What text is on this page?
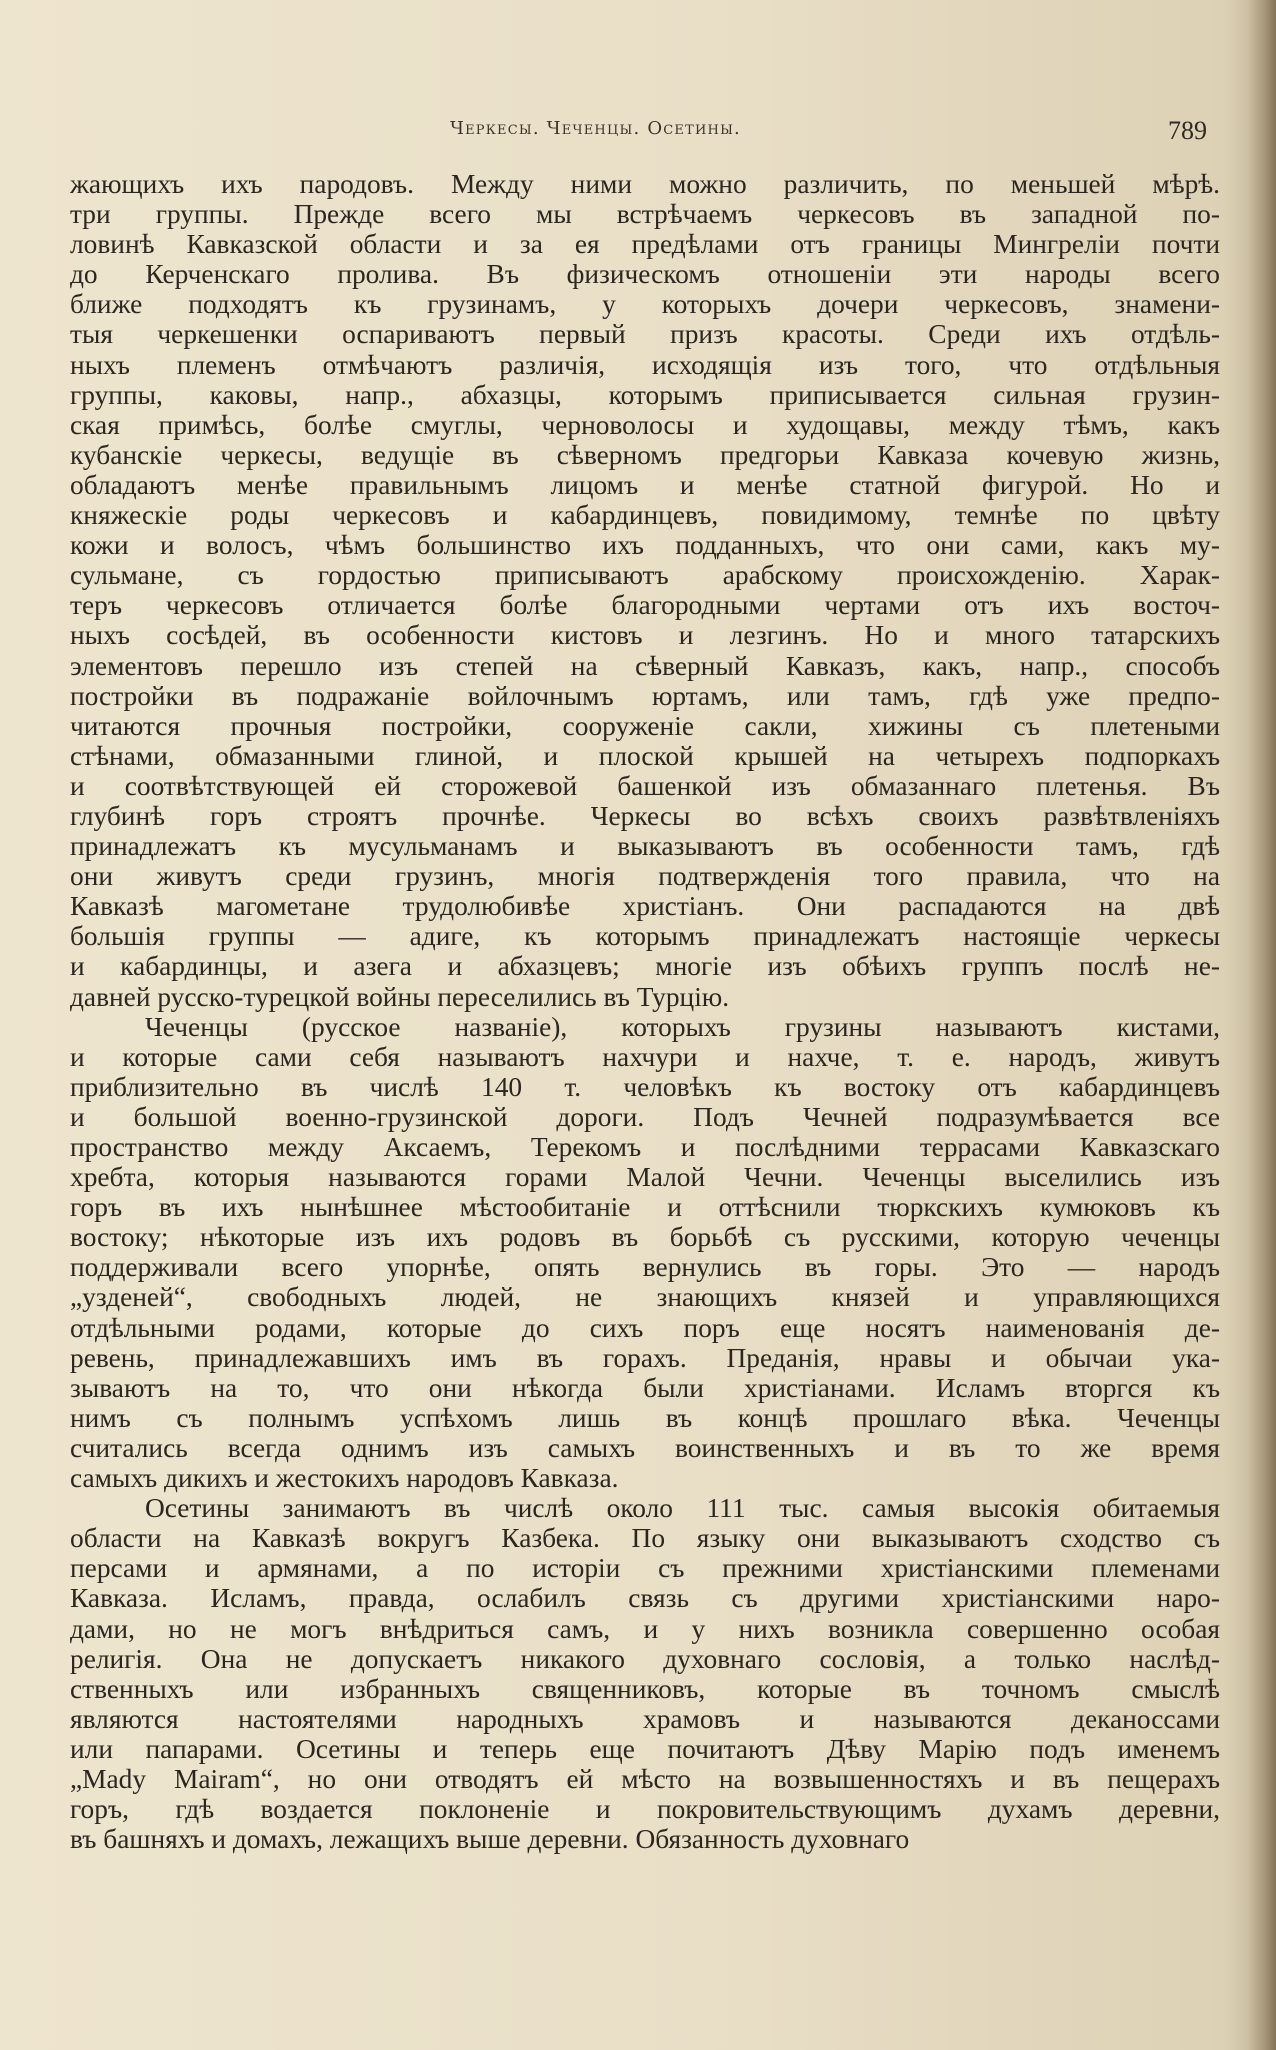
Черкесы. Чеченцы. Осетины.	789
жающихъ ихъ пародовъ. Между ними можно различить, по меньшей мѣрѣ.
три группы. Прежде всего мы встрѣчаемъ черкесовъ въ западной по-
ловинѣ Кавказской области и за ея предѣлами отъ границы Мингрелiи почти
до Керченскаго пролива. Въ физическомъ отношенiи эти народы всего
ближе подходятъ къ грузинамъ, у которыхъ дочери черкесовъ, знамени-
тыя черкешенки оспариваютъ первый призъ красоты. Среди ихъ отдѣль-
ныхъ племенъ отмѣчаютъ различiя, исходящiя изъ того, что отдѣльныя
группы, каковы, напр., абхазцы, которымъ приписывается сильная грузин-
ская примѣсь, болѣе смуглы, черноволосы и худощавы, между тѣмъ, какъ
кубанскiе черкесы, ведущiе въ сѣверномъ предгорьи Кавказа кочевую жизнь,
обладаютъ менѣе правильнымъ лицомъ и менѣе статной фигурой. Но и
княжескiе роды черкесовъ и кабардинцевъ, повидимому, темнѣе по цвѣту
кожи и волосъ, чѣмъ большинство ихъ подданныхъ, что они сами, какъ му-
сульмане, съ гордостью приписываютъ арабскому происхожденiю. Харак-
теръ черкесовъ отличается болѣе благородными чертами отъ ихъ восточ-
ныхъ сосѣдей, въ особенности кистовъ и лезгинъ. Но и много татарскихъ
элементовъ перешло изъ степей на сѣверный Кавказъ, какъ, напр., способъ
постройки въ подражанiе войлочнымъ юртамъ, или тамъ, гдѣ уже предпо-
читаются прочныя постройки, сооруженiе сакли, хижины съ плетеными
стѣнами, обмазанными глиной, и плоской крышей на четырехъ подпоркахъ
и соотвѣтствующей ей сторожевой башенкой изъ обмазаннаго плетенья. Въ
глубинѣ горъ строятъ прочнѣе. Черкесы во всѣхъ своихъ развѣтвленiяхъ
принадлежатъ къ мусульманамъ и выказываютъ въ особенности тамъ, гдѣ
они живутъ среди грузинъ, многiя подтвержденiя того правила, что на
Кавказѣ магометане трудолюбивѣе христiанъ. Они распадаются на двѣ
большiя группы — адиге, къ которымъ принадлежатъ настоящiе черкесы
и кабардинцы, и азега и абхазцевъ; многiе изъ обѣихъ группъ послѣ не-
давней русско-турецкой войны переселились въ Турцiю.
Чеченцы (русское названiе), которыхъ грузины называютъ кистами,
и которые сами себя называютъ нахчури и нахче, т. е. народъ, живутъ
приблизительно въ числѣ 140 т. человѣкъ къ востоку отъ кабардинцевъ
и большой военно-грузинской дороги. Подъ Чечней подразумѣвается все
пространство между Аксаемъ, Терекомъ и послѣдними террасами Кавказскаго
хребта, которыя называются горами Малой Чечни. Чеченцы выселились изъ
горъ въ ихъ нынѣшнее мѣстообитанiе и оттѣснили тюркскихъ кумюковъ къ
востоку; нѣкоторые изъ ихъ родовъ въ борьбѣ съ русскими, которую чеченцы
поддерживали всего упорнѣе, опять вернулись въ горы. Это — народъ
„узденей“, свободныхъ людей, не знающихъ князей и управляющихся
отдѣльными родами, которые до сихъ поръ еще носятъ наименованiя де-
ревень, принадлежавшихъ имъ въ горахъ. Преданiя, нравы и обычаи ука-
зываютъ на то, что они нѣкогда были христiанами. Исламъ вторгся къ
нимъ съ полнымъ успѣхомъ лишь въ концѣ прошлаго вѣка. Чеченцы
считались всегда однимъ изъ самыхъ воинственныхъ и въ то же время
самыхъ дикихъ и жестокихъ народовъ Кавказа.
Осетины занимаютъ въ числѣ около 111 тыс. самыя высокiя обитаемыя
области на Кавказѣ вокругъ Казбека. По языку они выказываютъ сходство съ
персами и армянами, а по исторiи съ прежними христiанскими племенами
Кавказа. Исламъ, правда, ослабилъ связь съ другими христiанскими наро-
дами, но не могъ внѣдриться самъ, и у нихъ возникла совершенно особая
религiя. Она не допускаетъ никакого духовнаго сословiя, а только наслѣд-
ственныхъ или избранныхъ священниковъ, которые въ точномъ смыслѣ
являются настоятелями народныхъ храмовъ и называются деканоссами
или папарами. Осетины и теперь еще почитаютъ Дѣву Марiю подъ именемъ
„Mady Mairam“, но они отводятъ ей мѣсто на возвышенностяхъ и въ пещерахъ
горъ, гдѣ воздается поклоненiе и покровительствующимъ духамъ деревни,
въ башняхъ и домахъ, лежащихъ выше деревни. Обязанность духовнаго
